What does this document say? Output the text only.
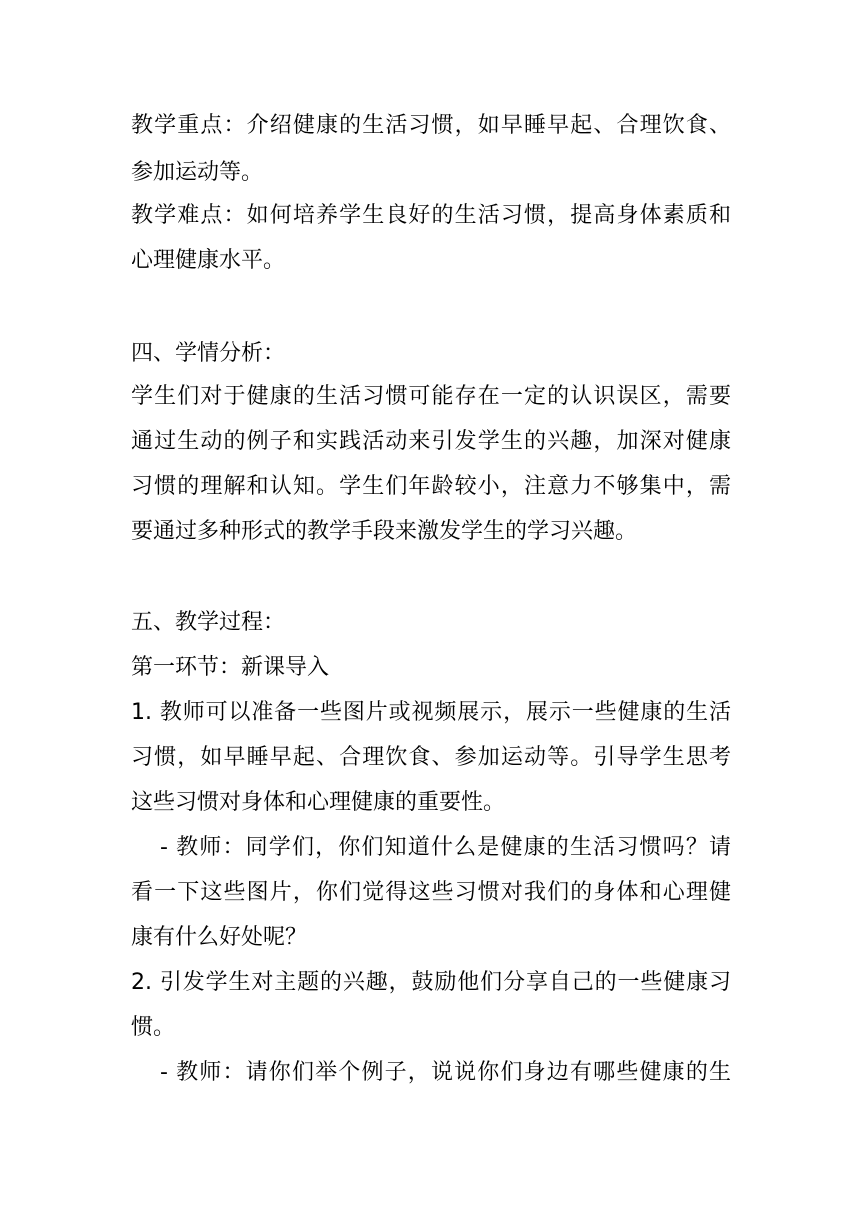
教学重点：介绍健康的生活习惯，如早睡早起、合理饮食、
参加运动等。
教学难点：如何培养学生良好的生活习惯，提高身体素质和
心理健康水平。
四、学情分析：
学生们对于健康的生活习惯可能存在一定的认识误区，需要
通过生动的例子和实践活动来引发学生的兴趣，加深对健康
习惯的理解和认知。学生们年龄较小，注意力不够集中，需
要通过多种形式的教学手段来激发学生的学习兴趣。
五、教学过程：
第一环节：新课导入
1. 教师可以准备一些图片或视频展示，展示一些健康的生活
习惯，如早睡早起、合理饮食、参加运动等。引导学生思考
这些习惯对身体和心理健康的重要性。
- 教师：同学们，你们知道什么是健康的生活习惯吗？请
看一下这些图片，你们觉得这些习惯对我们的身体和心理健
康有什么好处呢？
2. 引发学生对主题的兴趣，鼓励他们分享自己的一些健康习
惯。
- 教师：请你们举个例子，说说你们身边有哪些健康的生
